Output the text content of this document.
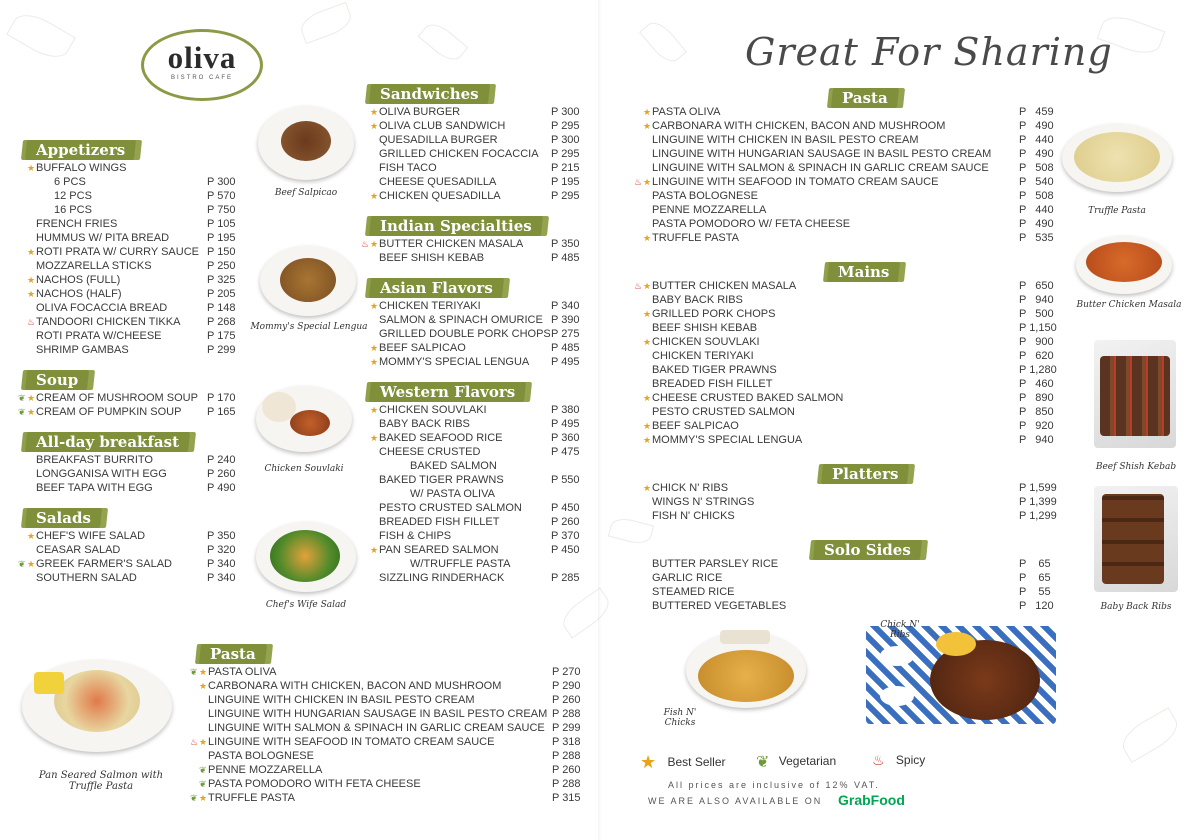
oliva
BISTRO CAFE
Great For Sharing
Appetizers
Soup
All-day breakfast
Salads
Sandwiches
Indian Specialties
Asian Flavors
Western Flavors
Pasta
Pasta
Mains
Platters
Solo Sides
★ BUFFALO WINGS
6 PCS	P 300
12 PCS	P 570
16 PCS	P 750
FRENCH FRIES	P 105
HUMMUS W/ PITA BREAD	P 195
★ ROTI PRATA W/ CURRY SAUCE P 150
MOZZARELLA STICKS	P 250
★ NACHOS (FULL)	P 325
★ NACHOS (HALF)	P 205
OLIVA FOCACCIA BREAD	P 148
♨ TANDOORI CHICKEN TIKKA P 268
ROTI PRATA W/CHEESE	P 175
SHRIMP GAMBAS	P 299
❦ ★ CREAM OF MUSHROOM SOUP P 170
❦ ★ CREAM OF PUMPKIN SOUP P 165
BREAKFAST BURRITO	P 240
LONGGANISA WITH EGG	P 260
BEEF TAPA WITH EGG	P 490
★ CHEF'S WIFE SALAD	P 350
CEASAR SALAD	P 320
❦ ★ GREEK FARMER'S SALAD	P 340
SOUTHERN SALAD	P 340
★ OLIVA BURGER	P 300
★ OLIVA CLUB SANDWICH	P 295
QUESADILLA BURGER	P 300
GRILLED CHICKEN FOCACCIA P 295
FISH TACO	P 215
CHEESE QUESADILLA	P 195
★ CHICKEN QUESADILLA	P 295
♨ ★ BUTTER CHICKEN MASALA	P 350
BEEF SHISH KEBAB	P 485
★ CHICKEN TERIYAKI	P 340
SALMON & SPINACH OMURICE P 390
GRILLED DOUBLE PORK CHOPS P 275
★ BEEF SALPICAO	P 485
★ MOMMY'S SPECIAL LENGUA P 495
★ CHICKEN SOUVLAKI	P 380
BABY BACK RIBS	P 495
★ BAKED SEAFOOD RICE	P 360
CHEESE CRUSTED	P 475
BAKED SALMON
BAKED TIGER PRAWNS	P 550
W/ PASTA OLIVA
PESTO CRUSTED SALMON	P 450
BREADED FISH FILLET	P 260
FISH & CHIPS	P 370
★ PAN SEARED SALMON	P 450
W/TRUFFLE PASTA
SIZZLING RINDERHACK	P 285
❦ ★ PASTA OLIVA	P 270
★ CARBONARA WITH CHICKEN, BACON AND MUSHROOM	P 290
LINGUINE WITH CHICKEN IN BASIL PESTO CREAM	P 260
LINGUINE WITH HUNGARIAN SAUSAGE IN BASIL PESTO CREAM P 288
LINGUINE WITH SALMON & SPINACH IN GARLIC CREAM SAUCE P 299
♨ ★ LINGUINE WITH SEAFOOD IN TOMATO CREAM SAUCE	P 318
PASTA BOLOGNESE	P 288
❦ PENNE MOZZARELLA	P 260
❦ PASTA POMODORO WITH FETA CHEESE	P 288
❦ ★ TRUFFLE PASTA	P 315
★ PASTA OLIVA	P   459
★ CARBONARA WITH CHICKEN, BACON AND MUSHROOM	P   490
LINGUINE WITH CHICKEN IN BASIL PESTO CREAM	P   440
LINGUINE WITH HUNGARIAN SAUSAGE IN BASIL PESTO CREAM	P   490
LINGUINE WITH SALMON & SPINACH IN GARLIC CREAM SAUCE	P   508
♨ ★ LINGUINE WITH SEAFOOD IN TOMATO CREAM SAUCE	P   540
PASTA BOLOGNESE	P   508
PENNE MOZZARELLA	P   440
PASTA POMODORO W/ FETA CHEESE	P   490
★ TRUFFLE PASTA	P   535
♨ ★ BUTTER CHICKEN MASALA	P   650
BABY BACK RIBS	P   940
★ GRILLED PORK CHOPS	P   500
BEEF SHISH KEBAB	P 1,150
★ CHICKEN SOUVLAKI	P   900
CHICKEN TERIYAKI	P   620
BAKED TIGER PRAWNS	P 1,280
BREADED FISH FILLET	P   460
★ CHEESE CRUSTED BAKED SALMON	P   890
PESTO CRUSTED SALMON	P   850
★ BEEF SALPICAO	P   920
★ MOMMY'S SPECIAL LENGUA	P   940
★ CHICK N' RIBS	P 1,599
WINGS N' STRINGS	P 1,399
FISH N' CHICKS	P 1,299
BUTTER PARSLEY RICE	P    65
GARLIC RICE	P    65
STEAMED RICE	P    55
BUTTERED VEGETABLES	P   120
Beef Salpicao
Mommy's Special Lengua
Chicken Souvlaki
Chef's Wife Salad
Pan Seared Salmon with Truffle Pasta
Truffle Pasta
Butter Chicken Masala
Beef Shish Kebab
Baby Back Ribs
Fish N' Chicks
Chick N' Ribs
★ Best Seller ❦ Vegetarian	♨ Spicy
All prices are inclusive of 12% VAT.
WE ARE ALSO AVAILABLE ON GrabFood
